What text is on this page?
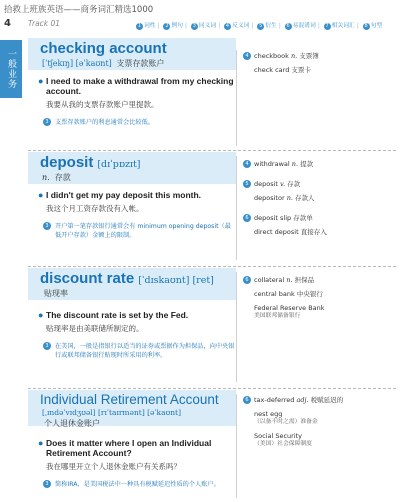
拾救上班族英语——商务词汇精选1000
4 Track 01	1 词性 | 2 例句 | 3 同义词 | 4 反义词 | 5 衍生 | 6 易混淆词 | 7 相关词汇 | 8 句型
一般业务
checking account
[ˈtʃekɪŋ] [əˈkaʊnt] 支票存款账户
● I need to make a withdrawal from my checking account.
我要从我的支票存款账户里提款。
3	支票存款账户的利息通常会比较低。
4 checkbook n. 支票簿
check card 支票卡
deposit [dɪˈpɒzɪt]
n. 存款
● I didn't get my pay deposit this month.
我这个月工资存款没有入帐。
3	开户第一笔存款银行通常会有 minimum opening deposit（最低开户存款）金额上的限制。
4 withdrawal n. 提款
5 deposit v. 存款
depositor n. 存款人
6 deposit slip 存款单
direct deposit 直接存入
discount rate [ˈdɪskaʊnt] [ret]
贴现率
● The discount rate is set by the Fed.
贴现率是由美联储所制定的。
3	在美国，一般是指银行以适当的证券或票据作为担保品，向中央银行或联邦储备银行贴现时所采用的利率。
6 collateral n. 担保品
central bank 中央银行
Federal Reserve Bank
美国联邦储备银行
Individual Retirement Account
[ˌɪndəˈvɪdʒʊəl] [rɪˈtaɪrmənt] [əˈkaʊnt]
个人退休金账户
● Does it matter where I open an Individual Retirement Account?
我在哪里开立个人退休金账户有关系吗？
3	简称IRA，是美国税法中一种具有税赋延迟性质的个人账户。
6 tax-deferred adj. 税赋延迟的
nest egg
（以备不时之需）准备金
Social Security
（美国）社会保障制度
